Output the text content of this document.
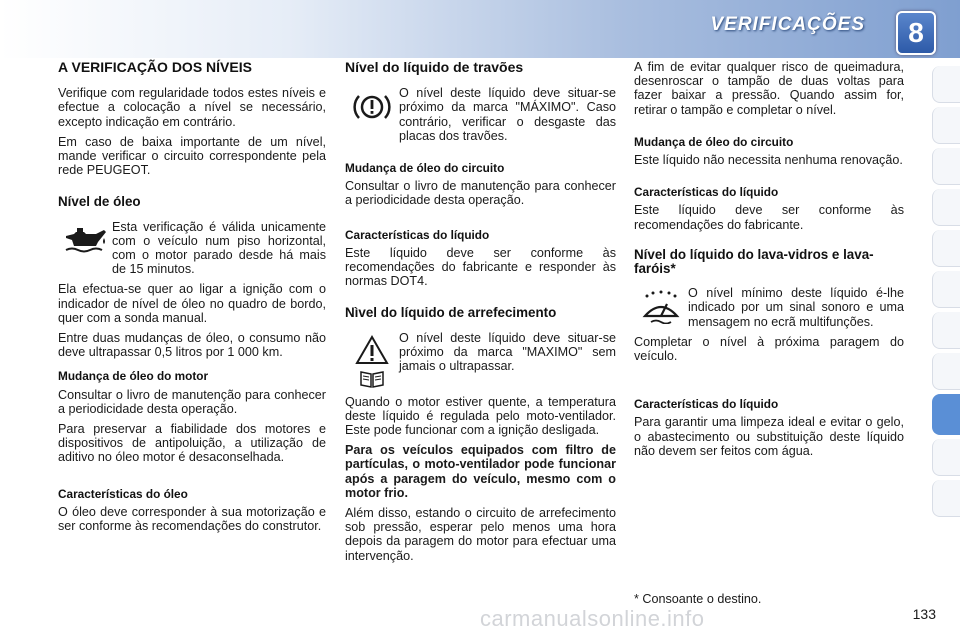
VERIFICAÇÕES	8
A VERIFICAÇÃO DOS NÍVEIS

Verifique com regularidade todos estes níveis e efectue a colocação a nível se necessário, excepto indicação em contrário.

Em caso de baixa importante de um nível, mande verificar o circuito correspondente pela rede PEUGEOT.

Nível de óleo
Esta verificação é válida unicamente com o veículo num piso horizontal, com o motor parado desde há mais de 15 minutos.

Ela efectua-se quer ao ligar a ignição com o indicador de nível de óleo no quadro de bordo, quer com a sonda manual.

Entre duas mudanças de óleo, o consumo não deve ultrapassar 0,5 litros por 1 000 km.

Mudança de óleo do motor

Consultar o livro de manutenção para conhecer a periodicidade desta operação.

Para preservar a fiabilidade dos motores e dispositivos de antipoluição, a utilização de aditivo no óleo motor é desaconselhada.

Características do óleo

O óleo deve corresponder à sua motorização e ser conforme às recomendações do construtor.

Nível do líquido de travões
O nível deste líquido deve situar-se próximo da marca "MÁXIMO". Caso contrário, verificar o desgaste das placas dos travões.
Mudança de óleo do circuito

Consultar o livro de manutenção para conhecer a periodicidade desta operação.

Características do líquido

Este líquido deve ser conforme às recomendações do fabricante e responder às normas DOT4.

Nìvel do líquido de arrefecimento

O nível deste líquido deve situar-se próximo da marca "MAXIMO" sem jamais o ultrapassar.

Quando o motor estiver quente, a temperatura deste líquido é regulada pelo moto-ventilador. Este pode funcionar com a ignição desligada.

Para os veículos equipados com filtro de partículas, o moto-ventilador pode funcionar após a paragem do veículo, mesmo com o motor frio.

Além disso, estando o circuito de arrefecimento sob pressão, esperar pelo menos uma hora depois da paragem do motor para efectuar uma intervenção.

A fim de evitar qualquer risco de queimadura, desenroscar o tampão de duas voltas para fazer baixar a pressão. Quando assim for, retirar o tampão e completar o nível.

Mudança de óleo do circuito

Este líquido não necessita nenhuma renovação.

Características do líquido

Este líquido deve ser conforme às recomendações do fabricante.

Nível do líquido do lava-vidros e lava-faróis*
O nível mínimo deste líquido é-lhe indicado por um sinal sonoro e uma mensagem no ecrã multifunções.

Completar o nível à próxima paragem do veículo.

Características do líquido

Para garantir uma limpeza ideal e evitar o gelo, o abastecimento ou substituição deste líquido não devem ser feitos com água.

* Consoante o destino.

carmanualsonline.info	133
